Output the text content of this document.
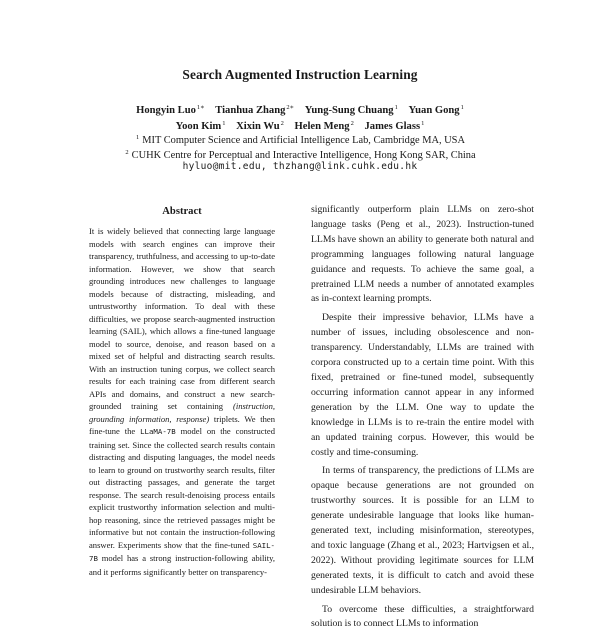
Search Augmented Instruction Learning
Hongyin Luo$^{1∗}$ Tianhua Zhang$^{2∗}$ Yung-Sung Chuang$^1$ Yuan Gong$^1$
Yoon Kim$^1$ Xixin Wu$^2$ Helen Meng$^2$ James Glass$^1$
$^1$ MIT Computer Science and Artificial Intelligence Lab, Cambridge MA, USA
$^2$ CUHK Centre for Perceptual and Interactive Intelligence, Hong Kong SAR, China
hyluo@mit.edu, thzhang@link.cuhk.edu.hk
Abstract
It is widely believed that connecting large language models with search engines can improve their transparency, truthfulness, and accessing to up-to-date information. However, we show that search grounding introduces new challenges to language models because of distracting, misleading, and untrustworthy information. To deal with these difficulties, we propose search-augmented instruction learning (SAIL), which allows a fine-tuned language model to source, denoise, and reason based on a mixed set of helpful and distracting search results. With an instruction tuning corpus, we collect search results for each training case from different search APIs and domains, and construct a new search-grounded training set containing (instruction, grounding information, response) triplets. We then fine-tune the LLaMA-7B model on the constructed training set. Since the collected search results contain distracting and disputing languages, the model needs to learn to ground on trustworthy search results, filter out distracting passages, and generate the target response. The search result-denoising process entails explicit trustworthy information selection and multi-hop reasoning, since the retrieved passages might be informative but not contain the instruction-following answer. Experiments show that the fine-tuned SAIL-7B model has a strong instruction-following ability, and it performs significantly better on transparency-

significantly outperform plain LLMs on zero-shot language tasks (Peng et al., 2023). Instruction-tuned LLMs have shown an ability to generate both natural and programming languages following natural language guidance and requests. To achieve the same goal, a pretrained LLM needs a number of annotated examples as in-context learning prompts.

Despite their impressive behavior, LLMs have a number of issues, including obsolescence and non-transparency. Understandably, LLMs are trained with corpora constructed up to a certain time point. With this fixed, pretrained or fine-tuned model, subsequently occurring information cannot appear in any informed generation by the LLM. One way to update the knowledge in LLMs is to re-train the entire model with an updated training corpus. However, this would be costly and time-consuming.

In terms of transparency, the predictions of LLMs are opaque because generations are not grounded on trustworthy sources. It is possible for an LLM to generate undesirable language that looks like human-generated text, including misinformation, stereotypes, and toxic language (Zhang et al., 2023; Hartvigsen et al., 2022). Without providing legitimate sources for LLM generated texts, it is difficult to catch and avoid these undesirable LLM behaviors.

To overcome these difficulties, a straightforward solution is to connect LLMs to information
